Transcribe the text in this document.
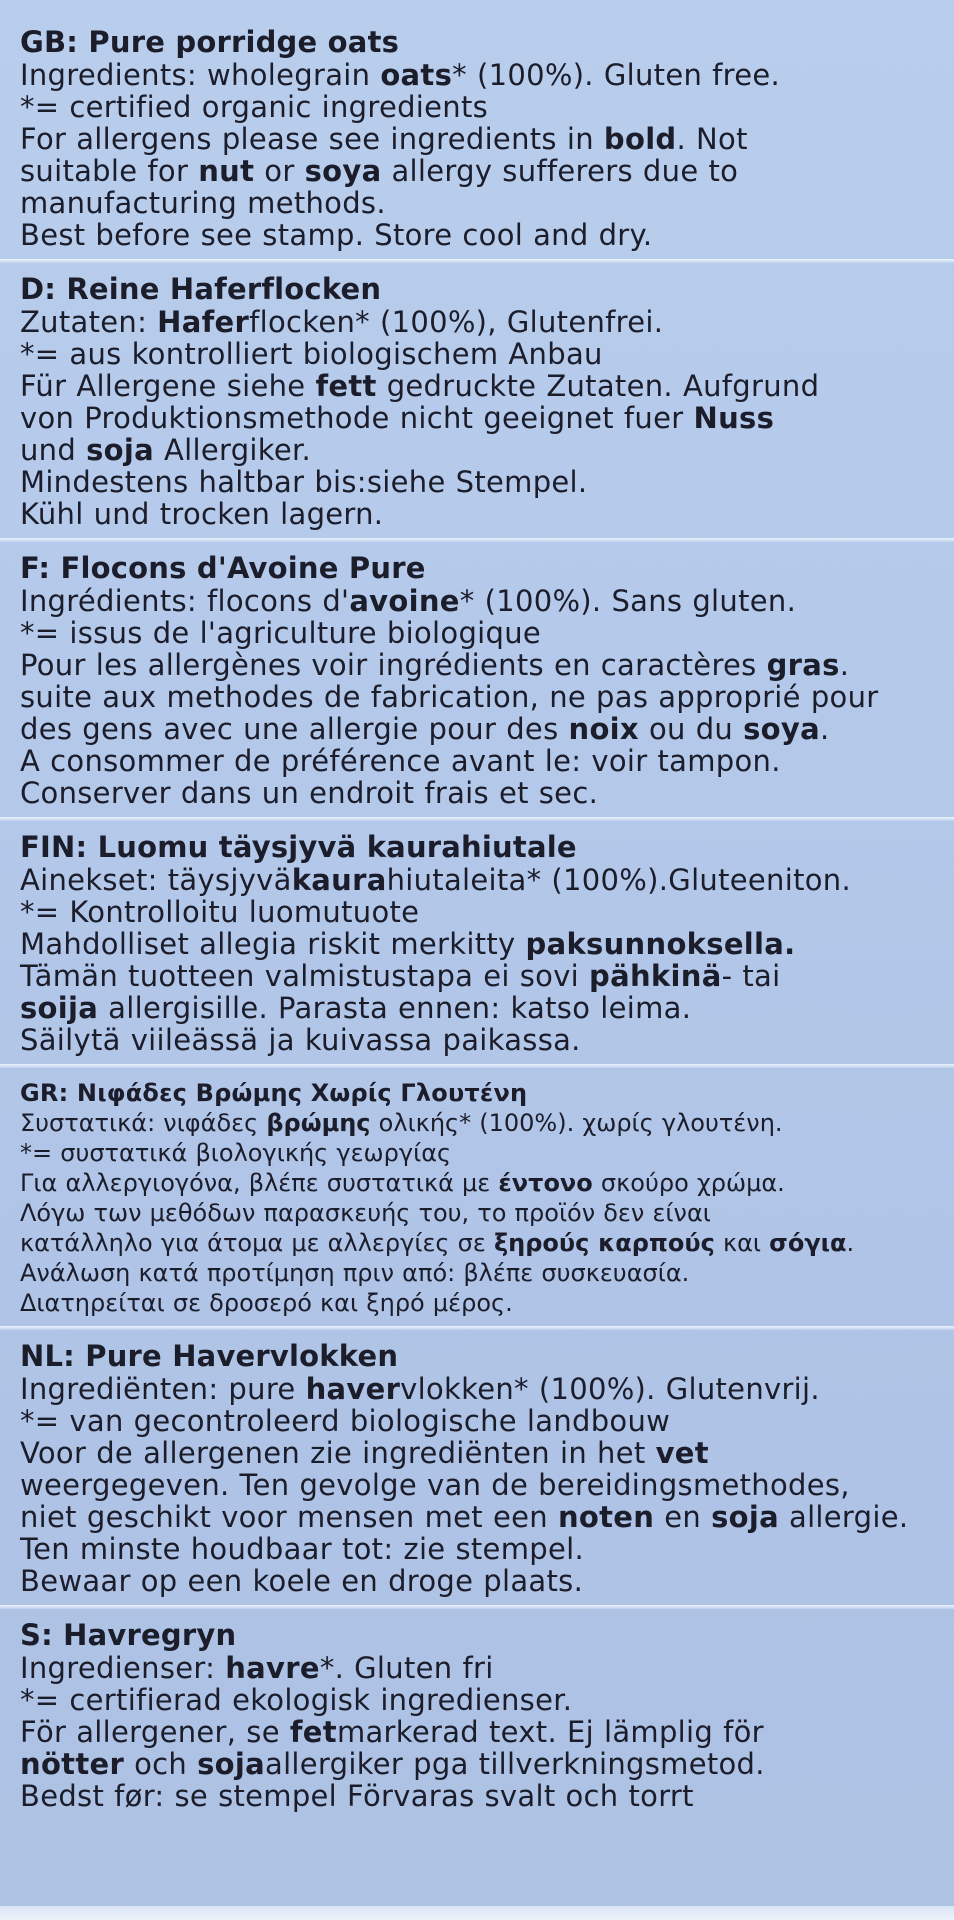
GB: Pure porridge oats
Ingredients: wholegrain oats* (100%). Gluten free.
*= certified organic ingredients
For allergens please see ingredients in bold. Not
suitable for nut or soya allergy sufferers due to
manufacturing methods.
Best before see stamp. Store cool and dry.
D: Reine Haferflocken
Zutaten: Haferflocken* (100%), Glutenfrei.
*= aus kontrolliert biologischem Anbau
Für Allergene siehe fett gedruckte Zutaten. Aufgrund
von Produktionsmethode nicht geeignet fuer Nuss
und soja Allergiker.
Mindestens haltbar bis:siehe Stempel.
Kühl und trocken lagern.
F: Flocons d'Avoine Pure
Ingrédients: flocons d'avoine* (100%). Sans gluten.
*= issus de l'agriculture biologique
Pour les allergènes voir ingrédients en caractères gras.
suite aux methodes de fabrication, ne pas approprié pour
des gens avec une allergie pour des noix ou du soya.
A consommer de préférence avant le: voir tampon.
Conserver dans un endroit frais et sec.
FIN: Luomu täysjyvä kaurahiutale
Ainekset: täysjyväkaurahiutaleita* (100%).Gluteeniton.
*= Kontrolloitu luomutuote
Mahdolliset allegia riskit merkitty paksunnoksella.
Tämän tuotteen valmistustapa ei sovi pähkinä- tai
soija allergisille. Parasta ennen: katso leima.
Säilytä viileässä ja kuivassa paikassa.
GR: Νιφάδες Βρώμης Χωρίς Γλουτένη
Συστατικά: νιφάδες βρώμης ολικής* (100%). χωρίς γλουτένη.
*= συστατικά βιολογικής γεωργίας
Για αλλεργιογόνα, βλέπε συστατικά με έντονο σκούρο χρώμα.
Λόγω των μεθόδων παρασκευής του, το προϊόν δεν είναι
κατάλληλο για άτομα με αλλεργίες σε ξηρούς καρπούς και σόγια.
Ανάλωση κατά προτίμηση πριν από: βλέπε συσκευασία.
Διατηρείται σε δροσερό και ξηρό μέρος.
NL: Pure Havervlokken
Ingrediënten: pure havervlokken* (100%). Glutenvrij.
*= van gecontroleerd biologische landbouw
Voor de allergenen zie ingrediënten in het vet
weergegeven. Ten gevolge van de bereidingsmethodes,
niet geschikt voor mensen met een noten en soja allergie.
Ten minste houdbaar tot: zie stempel.
Bewaar op een koele en droge plaats.
S: Havregryn
Ingredienser: havre*. Gluten fri
*= certifierad ekologisk ingredienser.
För allergener, se fetmarkerad text. Ej lämplig för
nötter och sojaallergiker pga tillverkningsmetod.
Bedst før: se stempel Förvaras svalt och torrt
